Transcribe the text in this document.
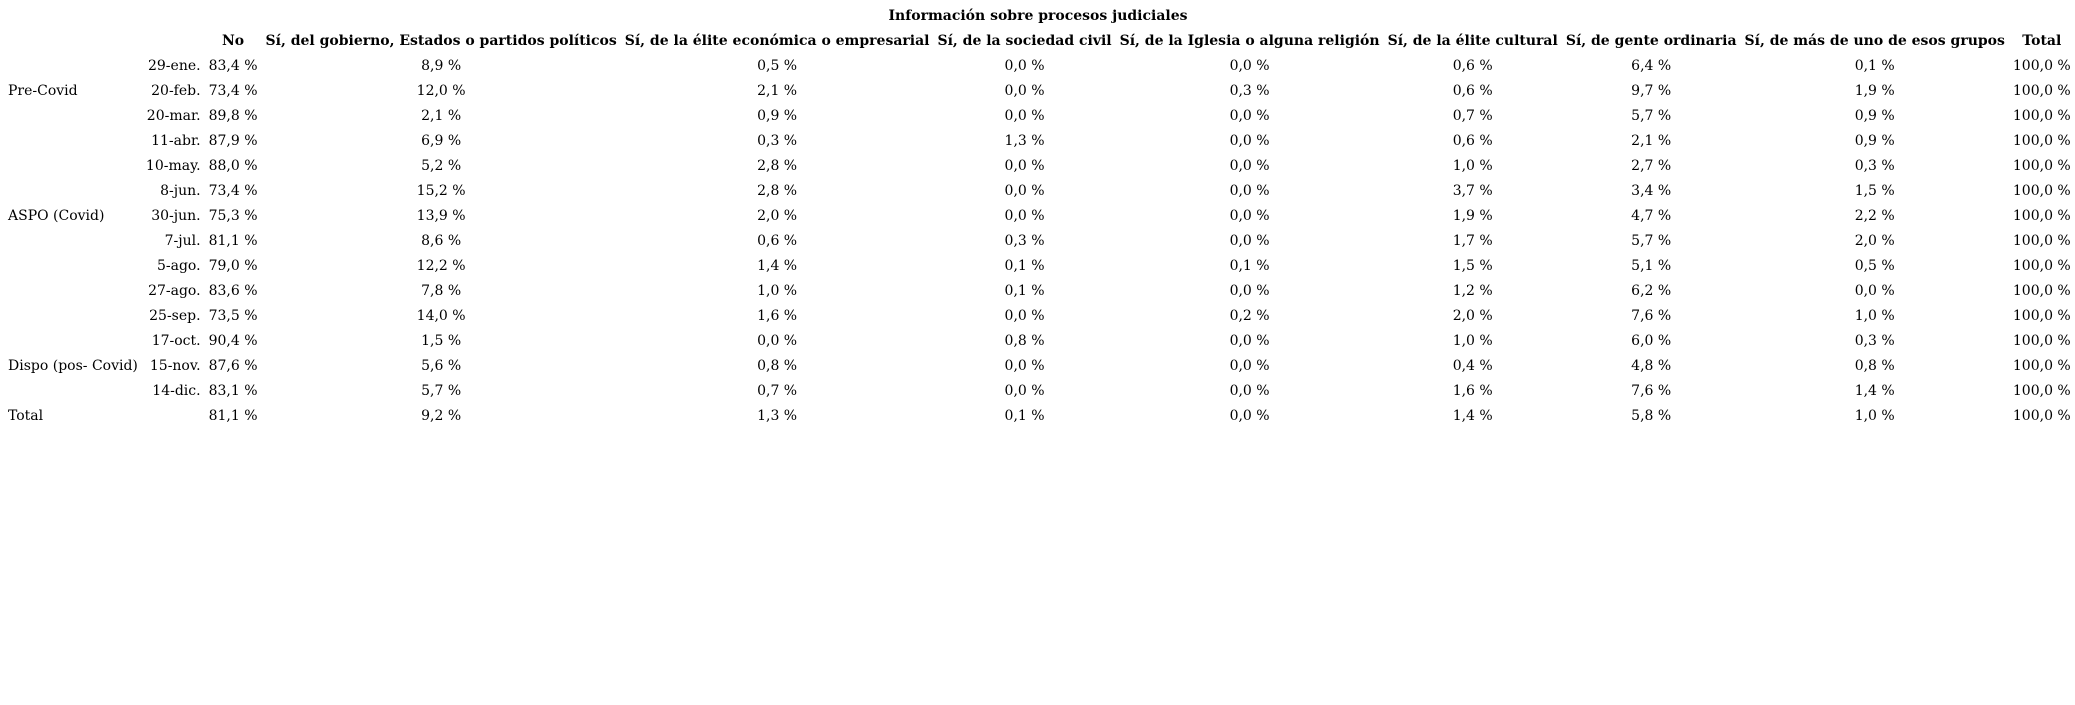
Información sobre procesos judiciales
		No	Sí, del gobierno, Estados o partidos políticos	Sí, de la élite económica o empresarial	Sí, de la sociedad civil	Sí, de la Iglesia o alguna religión	Sí, de la élite cultural	Sí, de gente ordinaria	Sí, de más de uno de esos grupos	Total
Pre-Covid	29-ene.	83,4 %	8,9 %	0,5 %	0,0 %	0,0 %	0,6 %	6,4 %	0,1 %	100,0 %
	20-feb.	73,4 %	12,0 %	2,1 %	0,0 %	0,3 %	0,6 %	9,7 %	1,9 %	100,0 %
	20-mar.	89,8 %	2,1 %	0,9 %	0,0 %	0,0 %	0,7 %	5,7 %	0,9 %	100,0 %
	11-abr.	87,9 %	6,9 %	0,3 %	1,3 %	0,0 %	0,6 %	2,1 %	0,9 %	100,0 %
	10-may.	88,0 %	5,2 %	2,8 %	0,0 %	0,0 %	1,0 %	2,7 %	0,3 %	100,0 %
ASPO (Covid)	8-jun.	73,4 %	15,2 %	2,8 %	0,0 %	0,0 %	3,7 %	3,4 %	1,5 %	100,0 %
	30-jun.	75,3 %	13,9 %	2,0 %	0,0 %	0,0 %	1,9 %	4,7 %	2,2 %	100,0 %
	7-jul.	81,1 %	8,6 %	0,6 %	0,3 %	0,0 %	1,7 %	5,7 %	2,0 %	100,0 %
	5-ago.	79,0 %	12,2 %	1,4 %	0,1 %	0,1 %	1,5 %	5,1 %	0,5 %	100,0 %
	27-ago.	83,6 %	7,8 %	1,0 %	0,1 %	0,0 %	1,2 %	6,2 %	0,0 %	100,0 %
	25-sep.	73,5 %	14,0 %	1,6 %	0,0 %	0,2 %	2,0 %	7,6 %	1,0 %	100,0 %
Dispo (pos- Covid)	17-oct.	90,4 %	1,5 %	0,0 %	0,8 %	0,0 %	1,0 %	6,0 %	0,3 %	100,0 %
	15-nov.	87,6 %	5,6 %	0,8 %	0,0 %	0,0 %	0,4 %	4,8 %	0,8 %	100,0 %
	14-dic.	83,1 %	5,7 %	0,7 %	0,0 %	0,0 %	1,6 %	7,6 %	1,4 %	100,0 %
Total		81,1 %	9,2 %	1,3 %	0,1 %	0,0 %	1,4 %	5,8 %	1,0 %	100,0 %
